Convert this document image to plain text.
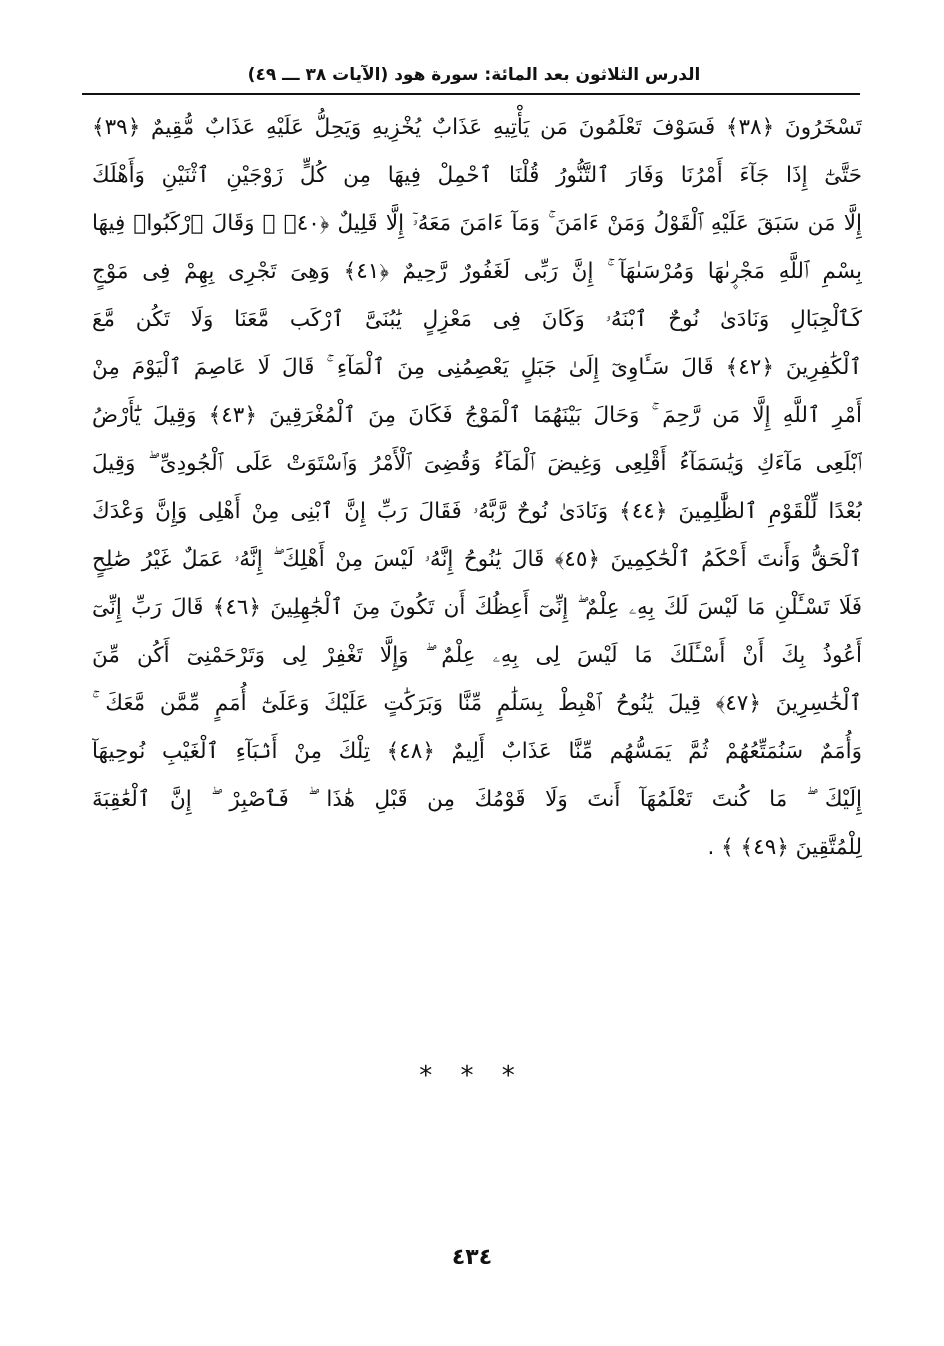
الدرس الثلاثون بعد المائة: سورة هود (الآيات ٣٨ ـــ ٤٩)
تَسْخَرُونَ ﴿٣٨﴾ فَسَوْفَ تَعْلَمُونَ مَن يَأْتِيهِ عَذَابٌ يُخْزِيهِ وَيَحِلُّ عَلَيْهِ عَذَابٌ مُّقِيمٌ ﴿٣٩﴾
حَتَّىٰٓ إِذَا جَآءَ أَمْرُنَا وَفَارَ ٱلتَّنُّورُ قُلْنَا ٱحْمِلْ فِيهَا مِن كُلٍّ زَوْجَيْنِ ٱثْنَيْنِ وَأَهْلَكَ
إِلَّا مَن سَبَقَ عَلَيْهِ ٱلْقَوْلُ وَمَنْ ءَامَنَ ۚ وَمَآ ءَامَنَ مَعَهُۥٓ إِلَّا قَلِيلٌ ﴿٤٠﴾ ۞ وَقَالَ ٱرْكَبُوا۟ فِيهَا
بِسْمِ ٱللَّهِ مَجْر۪ىٰهَا وَمُرْسَىٰهَآ ۚ إِنَّ رَبِّى لَغَفُورٌ رَّحِيمٌ ﴿٤١﴾ وَهِىَ تَجْرِى بِهِمْ فِى مَوْجٍ
كَٱلْجِبَالِ وَنَادَىٰ نُوحٌ ٱبْنَهُۥ وَكَانَ فِى مَعْزِلٍ يَٰبُنَىَّ ٱرْكَب مَّعَنَا وَلَا تَكُن مَّعَ
ٱلْكَٰفِرِينَ ﴿٤٢﴾ قَالَ سَـَٔاوِىٓ إِلَىٰ جَبَلٍ يَعْصِمُنِى مِنَ ٱلْمَآءِ ۚ قَالَ لَا عَاصِمَ ٱلْيَوْمَ مِنْ
أَمْرِ ٱللَّهِ إِلَّا مَن رَّحِمَ ۚ وَحَالَ بَيْنَهُمَا ٱلْمَوْجُ فَكَانَ مِنَ ٱلْمُغْرَقِينَ ﴿٤٣﴾ وَقِيلَ يَٰٓأَرْضُ
ٱبْلَعِى مَآءَكِ وَيَٰسَمَآءُ أَقْلِعِى وَغِيضَ ٱلْمَآءُ وَقُضِىَ ٱلْأَمْرُ وَٱسْتَوَتْ عَلَى ٱلْجُودِىِّ ۖ وَقِيلَ
بُعْدًا لِّلْقَوْمِ ٱلظَّٰلِمِينَ ﴿٤٤﴾ وَنَادَىٰ نُوحٌ رَّبَّهُۥ فَقَالَ رَبِّ إِنَّ ٱبْنِى مِنْ أَهْلِى وَإِنَّ وَعْدَكَ
ٱلْحَقُّ وَأَنتَ أَحْكَمُ ٱلْحَٰكِمِينَ ﴿٤٥﴾ قَالَ يَٰنُوحُ إِنَّهُۥ لَيْسَ مِنْ أَهْلِكَ ۖ إِنَّهُۥ عَمَلٌ غَيْرُ صَٰلِحٍ
فَلَا تَسْـَٔلْنِ مَا لَيْسَ لَكَ بِهِۦ عِلْمٌ ۖ إِنِّىٓ أَعِظُكَ أَن تَكُونَ مِنَ ٱلْجَٰهِلِينَ ﴿٤٦﴾ قَالَ رَبِّ إِنِّىٓ
أَعُوذُ بِكَ أَنْ أَسْـَٔلَكَ مَا لَيْسَ لِى بِهِۦ عِلْمٌ ۖ وَإِلَّا تَغْفِرْ لِى وَتَرْحَمْنِىٓ أَكُن مِّنَ
ٱلْخَٰسِرِينَ ﴿٤٧﴾ قِيلَ يَٰنُوحُ ٱهْبِطْ بِسَلَٰمٍ مِّنَّا وَبَرَكَٰتٍ عَلَيْكَ وَعَلَىٰٓ أُمَمٍ مِّمَّن مَّعَكَ ۚ
وَأُمَمٌ سَنُمَتِّعُهُمْ ثُمَّ يَمَسُّهُم مِّنَّا عَذَابٌ أَلِيمٌ ﴿٤٨﴾ تِلْكَ مِنْ أَنۢبَآءِ ٱلْغَيْبِ نُوحِيهَآ
إِلَيْكَ ۖ مَا كُنتَ تَعْلَمُهَآ أَنتَ وَلَا قَوْمُكَ مِن قَبْلِ هَٰذَا ۖ فَٱصْبِرْ ۖ إِنَّ ٱلْعَٰقِبَةَ
لِلْمُتَّقِينَ ﴿٤٩﴾ ﴾ .
* * *
٤٣٤
